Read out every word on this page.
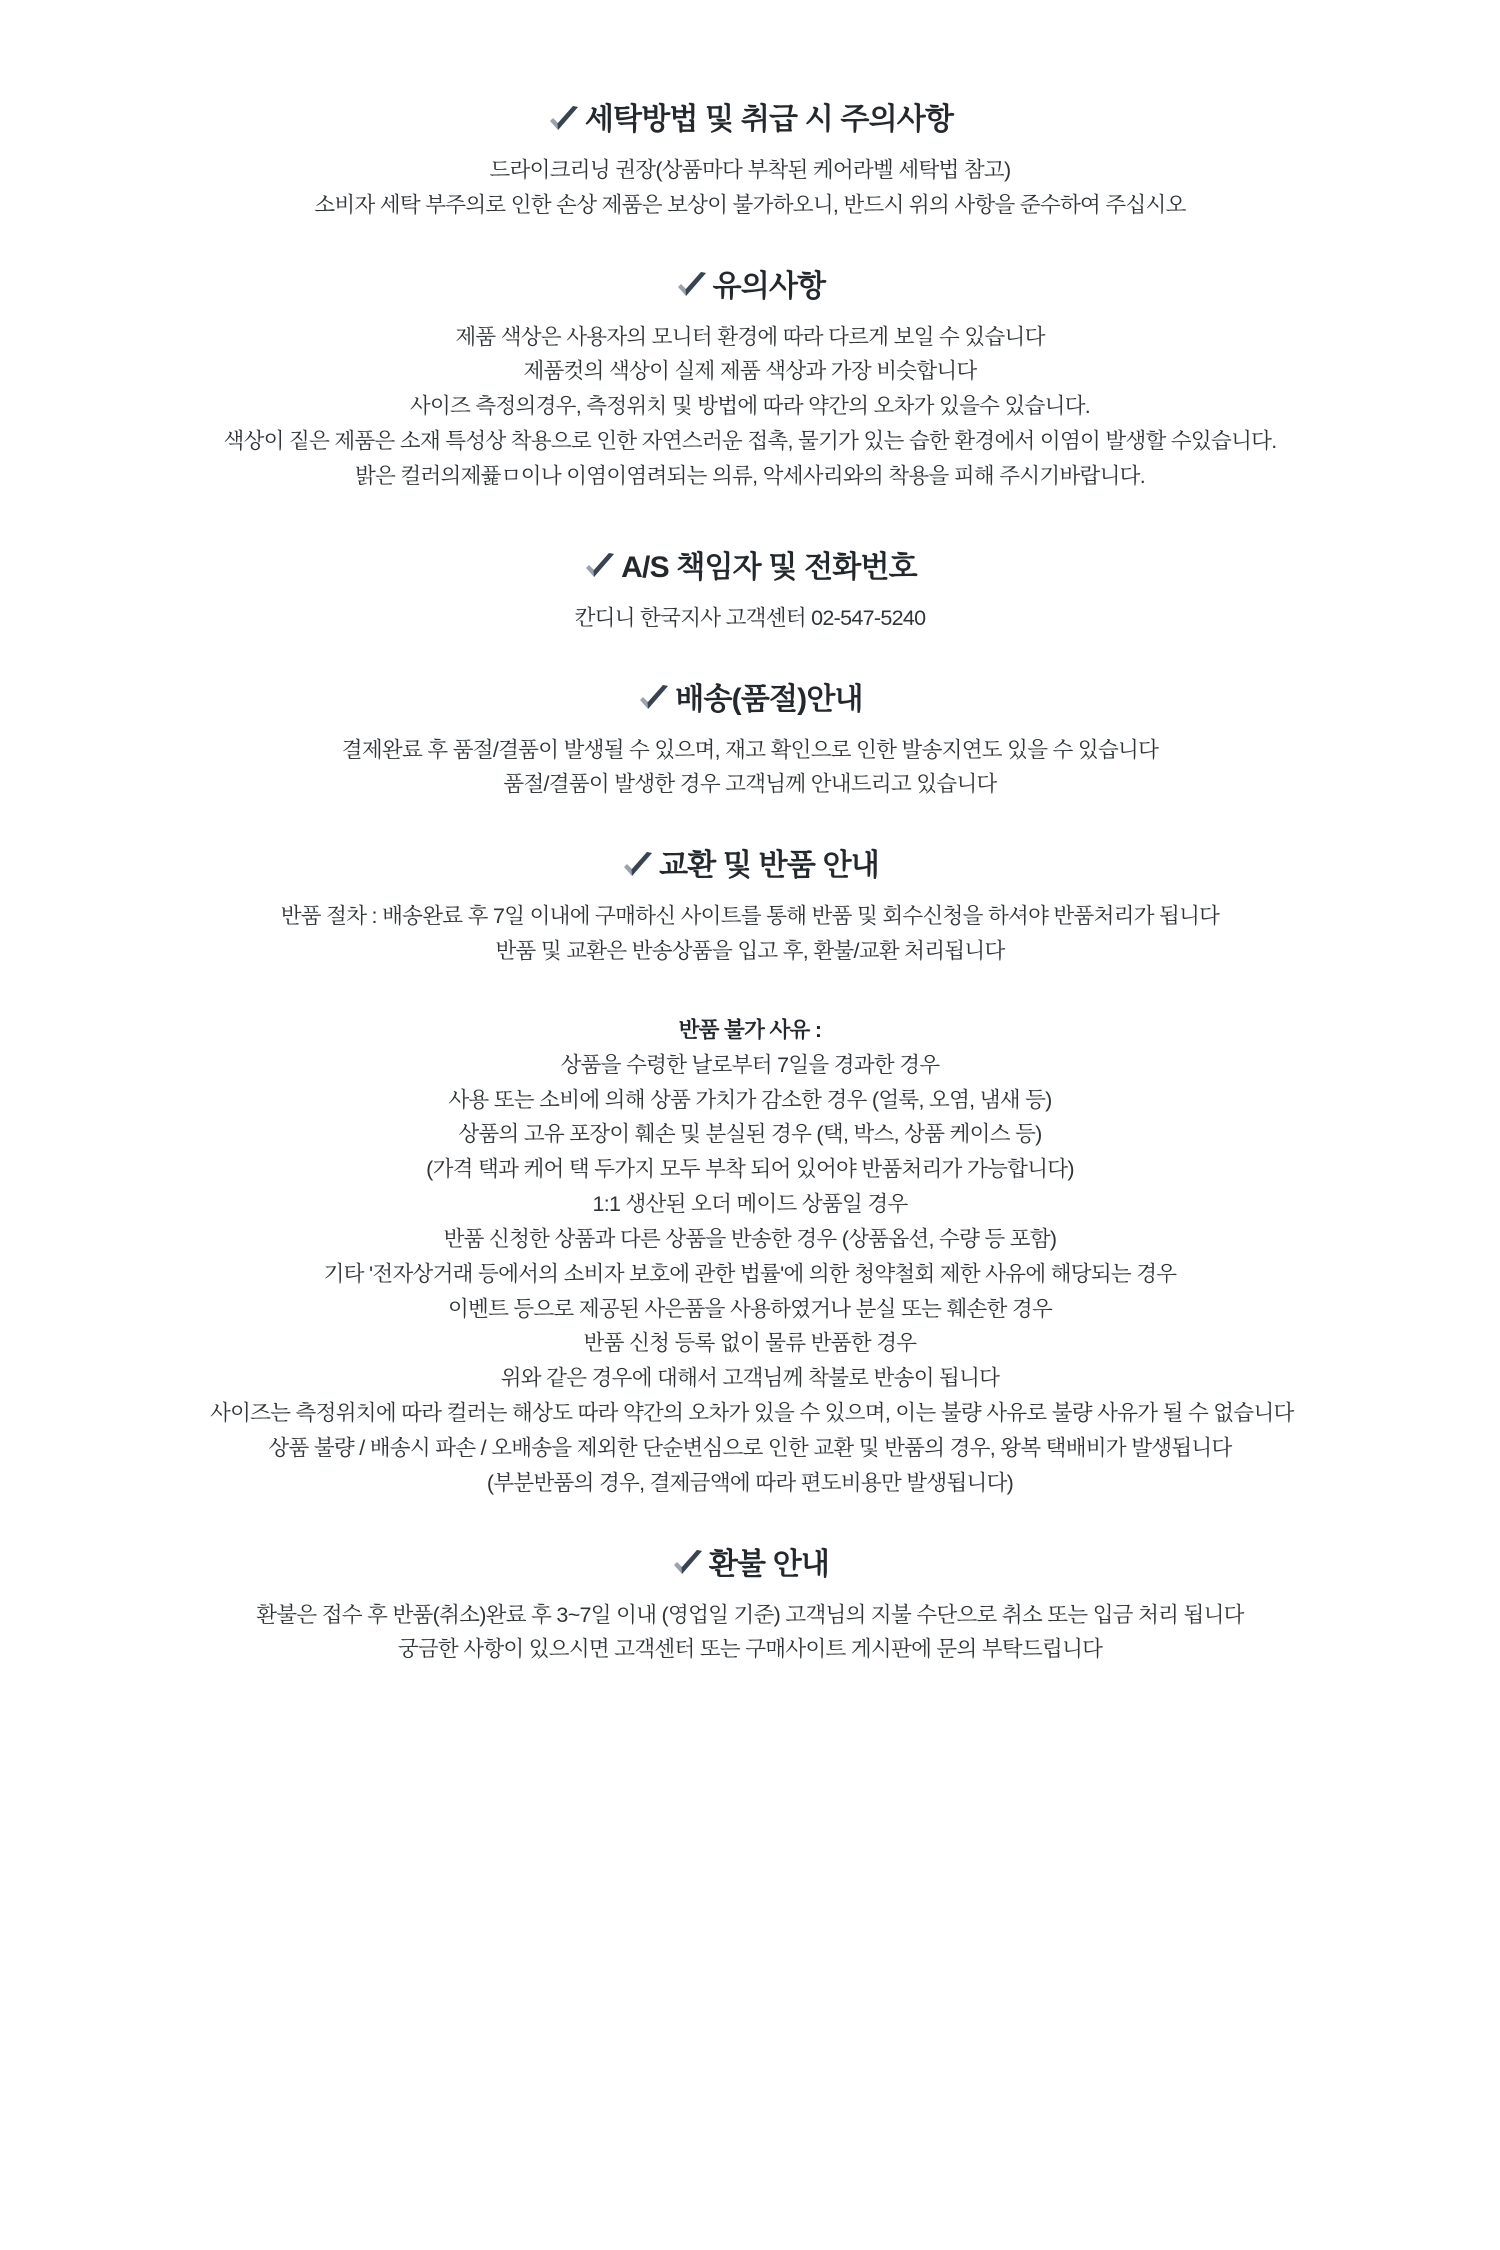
세탁방법 및 취급 시 주의사항

드라이크리닝 권장(상품마다 부착된 케어라벨 세탁법 참고)

소비자 세탁 부주의로 인한 손상 제품은 보상이 불가하오니, 반드시 위의 사항을 준수하여 주십시오

유의사항

제품 색상은 사용자의 모니터 환경에 따라 다르게 보일 수 있습니다

제품컷의 색상이 실제 제품 색상과 가장 비슷합니다

사이즈 측정의경우, 측정위치 및 방법에 따라 약간의 오차가 있을수 있습니다.

색상이 짙은 제품은 소재 특성상 착용으로 인한 자연스러운 접촉, 물기가 있는 습한 환경에서 이염이 발생할 수있습니다.

밝은 컬러의제퓵ㅁ이나 이염이염려되는 의류, 악세사리와의 착용을 피해 주시기바랍니다.

A/S 책임자 및 전화번호

칸디니 한국지사 고객센터 02-547-5240

배송(품절)안내

결제완료 후 품절/결품이 발생될 수 있으며, 재고 확인으로 인한 발송지연도 있을 수 있습니다

품절/결품이 발생한 경우 고객님께 안내드리고 있습니다

교환 및 반품 안내

반품 절차 : 배송완료 후 7일 이내에 구매하신 사이트를 통해 반품 및 회수신청을 하셔야 반품처리가 됩니다

반품 및 교환은 반송상품을 입고 후, 환불/교환 처리됩니다

반품 불가 사유 :

상품을 수령한 날로부터 7일을 경과한 경우

사용 또는 소비에 의해 상품 가치가 감소한 경우 (얼룩, 오염, 냄새 등)

상품의 고유 포장이 훼손 및 분실된 경우 (택, 박스, 상품 케이스 등)

(가격 택과 케어 택 두가지 모두 부착 되어 있어야 반품처리가 가능합니다)

1:1 생산된 오더 메이드 상품일 경우

반품 신청한 상품과 다른 상품을 반송한 경우 (상품옵션, 수량 등 포함)

기타 '전자상거래 등에서의 소비자 보호에 관한 법률'에 의한 청약철회 제한 사유에 해당되는 경우

이벤트 등으로 제공된 사은품을 사용하였거나 분실 또는 훼손한 경우

반품 신청 등록 없이 물류 반품한 경우

위와 같은 경우에 대해서 고객님께 착불로 반송이 됩니다

사이즈는 측정위치에 따라 컬러는 해상도 따라 약간의 오차가 있을 수 있으며, 이는 불량 사유로 불량 사유가 될 수 없습니다

상품 불량 / 배송시 파손 / 오배송을 제외한 단순변심으로 인한 교환 및 반품의 경우, 왕복 택배비가 발생됩니다

(부분반품의 경우, 결제금액에 따라 편도비용만 발생됩니다)

환불 안내

환불은 접수 후 반품(취소)완료 후 3~7일 이내 (영업일 기준) 고객님의 지불 수단으로 취소 또는 입금 처리 됩니다

궁금한 사항이 있으시면 고객센터 또는 구매사이트 게시판에 문의 부탁드립니다
